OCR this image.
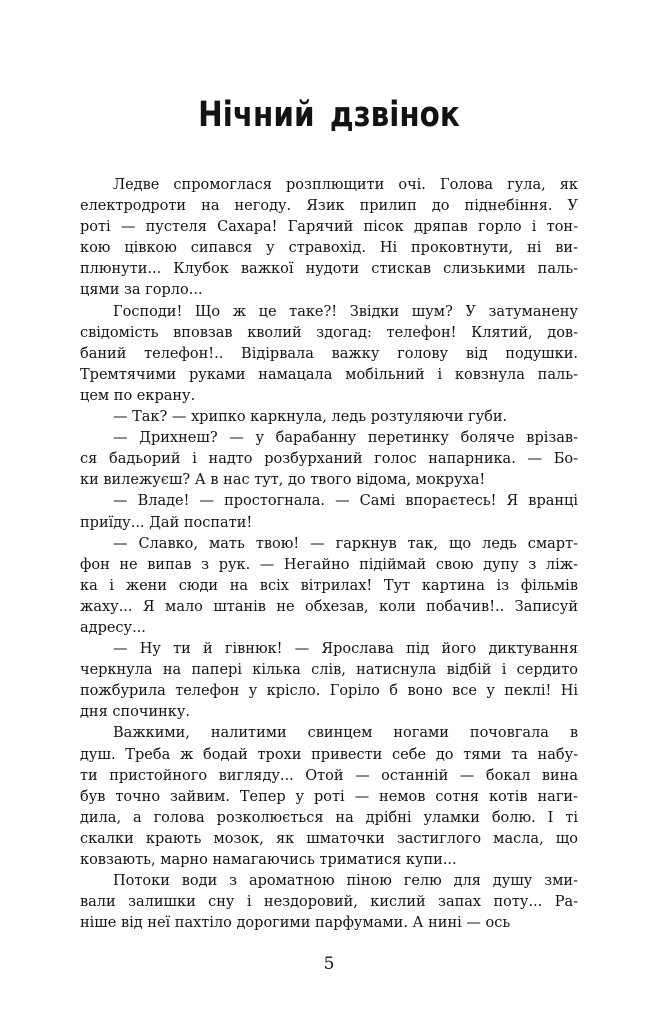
Нічний дзвінок
Ледве спромоглася розплющити очі. Голова гула, як
електродроти на негоду. Язик прилип до піднебіння. У
роті — пустеля Сахара! Гарячий пісок дряпав горло і тон-
кою цівкою сипався у стравохід. Ні проковтнути, ні ви-
плюнути... Клубок важкої нудоти стискав слизькими паль-
цями за горло...
Господи! Що ж це таке?! Звідки шум? У затуманену
свідомість вповзав кволий здогад: телефон! Клятий, дов-
баний телефон!.. Відірвала важку голову від подушки.
Тремтячими руками намацала мобільний і ковзнула паль-
цем по екрану.
— Так? — хрипко каркнула, ледь розтуляючи губи.
— Дрихнеш? — у барабанну перетинку боляче врізав-
ся бадьорий і надто розбурханий голос напарника. — Бо-
ки вилежуєш? А в нас тут, до твого відома, мокруха!
— Владе! — простогнала. — Самі впораєтесь! Я вранці
приїду... Дай поспати!
— Славко, мать твою! — гаркнув так, що ледь смарт-
фон не випав з рук. — Негайно підіймай свою дупу з ліж-
ка і жени сюди на всіх вітрилах! Тут картина із фільмів
жаху... Я мало штанів не обхезав, коли побачив!.. Записуй
адресу...
— Ну ти й гівнюк! — Ярослава під його диктування
черкнула на папері кілька слів, натиснула відбій і сердито
пожбурила телефон у крісло. Горіло б воно все у пеклі! Ні
дня спочинку.
Важкими, налитими свинцем ногами почовгала в
душ. Треба ж бодай трохи привести себе до тями та набу-
ти пристойного вигляду... Отой — останній — бокал вина
був точно зайвим. Тепер у роті — немов сотня котів наги-
дила, а голова розколюється на дрібні уламки болю. І ті
скалки крають мозок, як шматочки застиглого масла, що
ковзають, марно намагаючись триматися купи...
Потоки води з ароматною піною гелю для душу зми-
вали залишки сну і нездоровий, кислий запах поту... Ра-
ніше від неї пахтіло дорогими парфумами. А нині — ось
5
